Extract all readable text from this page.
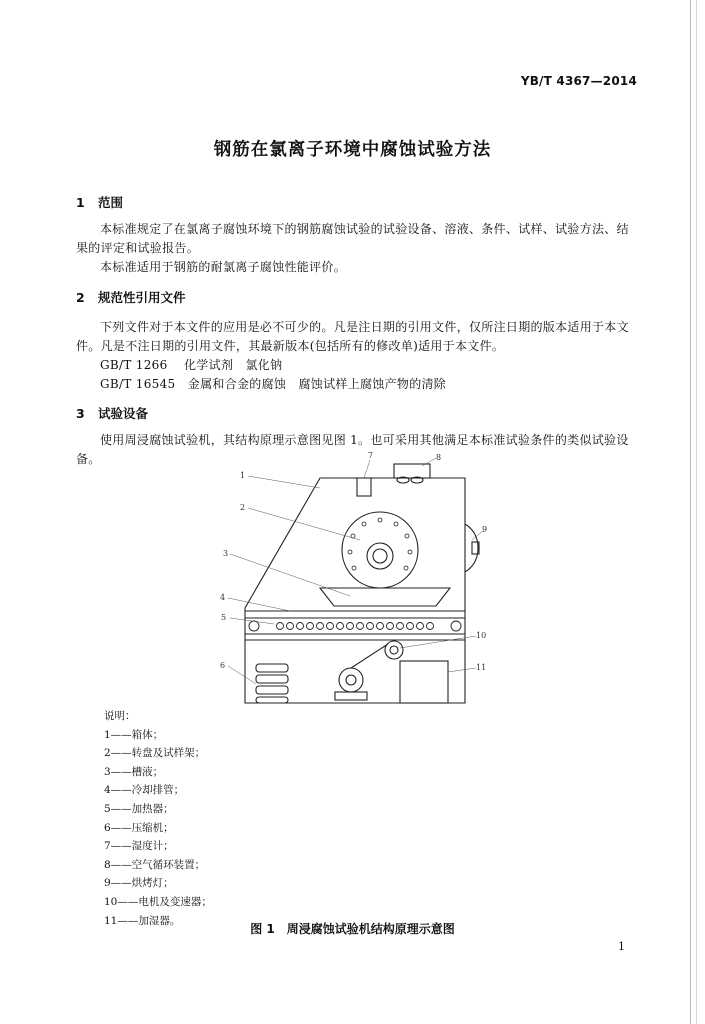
YB/T 4367—2014
钢筋在氯离子环境中腐蚀试验方法
1 范围
本标准规定了在氯离子腐蚀环境下的钢筋腐蚀试验的试验设备、溶液、条件、试样、试验方法、结果的评定和试验报告。
本标准适用于钢筋的耐氯离子腐蚀性能评价。
2 规范性引用文件
下列文件对于本文件的应用是必不可少的。凡是注日期的引用文件，仅所注日期的版本适用于本文件。凡是不注日期的引用文件，其最新版本(包括所有的修改单)适用于本文件。
GB/T 1266 化学试剂　氯化钠
GB/T 16545 金属和合金的腐蚀　腐蚀试样上腐蚀产物的清除
3 试验设备
使用周浸腐蚀试验机，其结构原理示意图见图 1。也可采用其他满足本标准试验条件的类似试验设备。
1
2
3
4
5
6
7	8
9
10
11
说明：
1——箱体；
2——转盘及试样架；
3——槽液；
4——冷却排管；
5——加热器；
6——压缩机；
7——湿度计；
8——空气循环装置；
9——烘烤灯；
10——电机及变速器；
11——加湿器。
图 1　周浸腐蚀试验机结构原理示意图
1
